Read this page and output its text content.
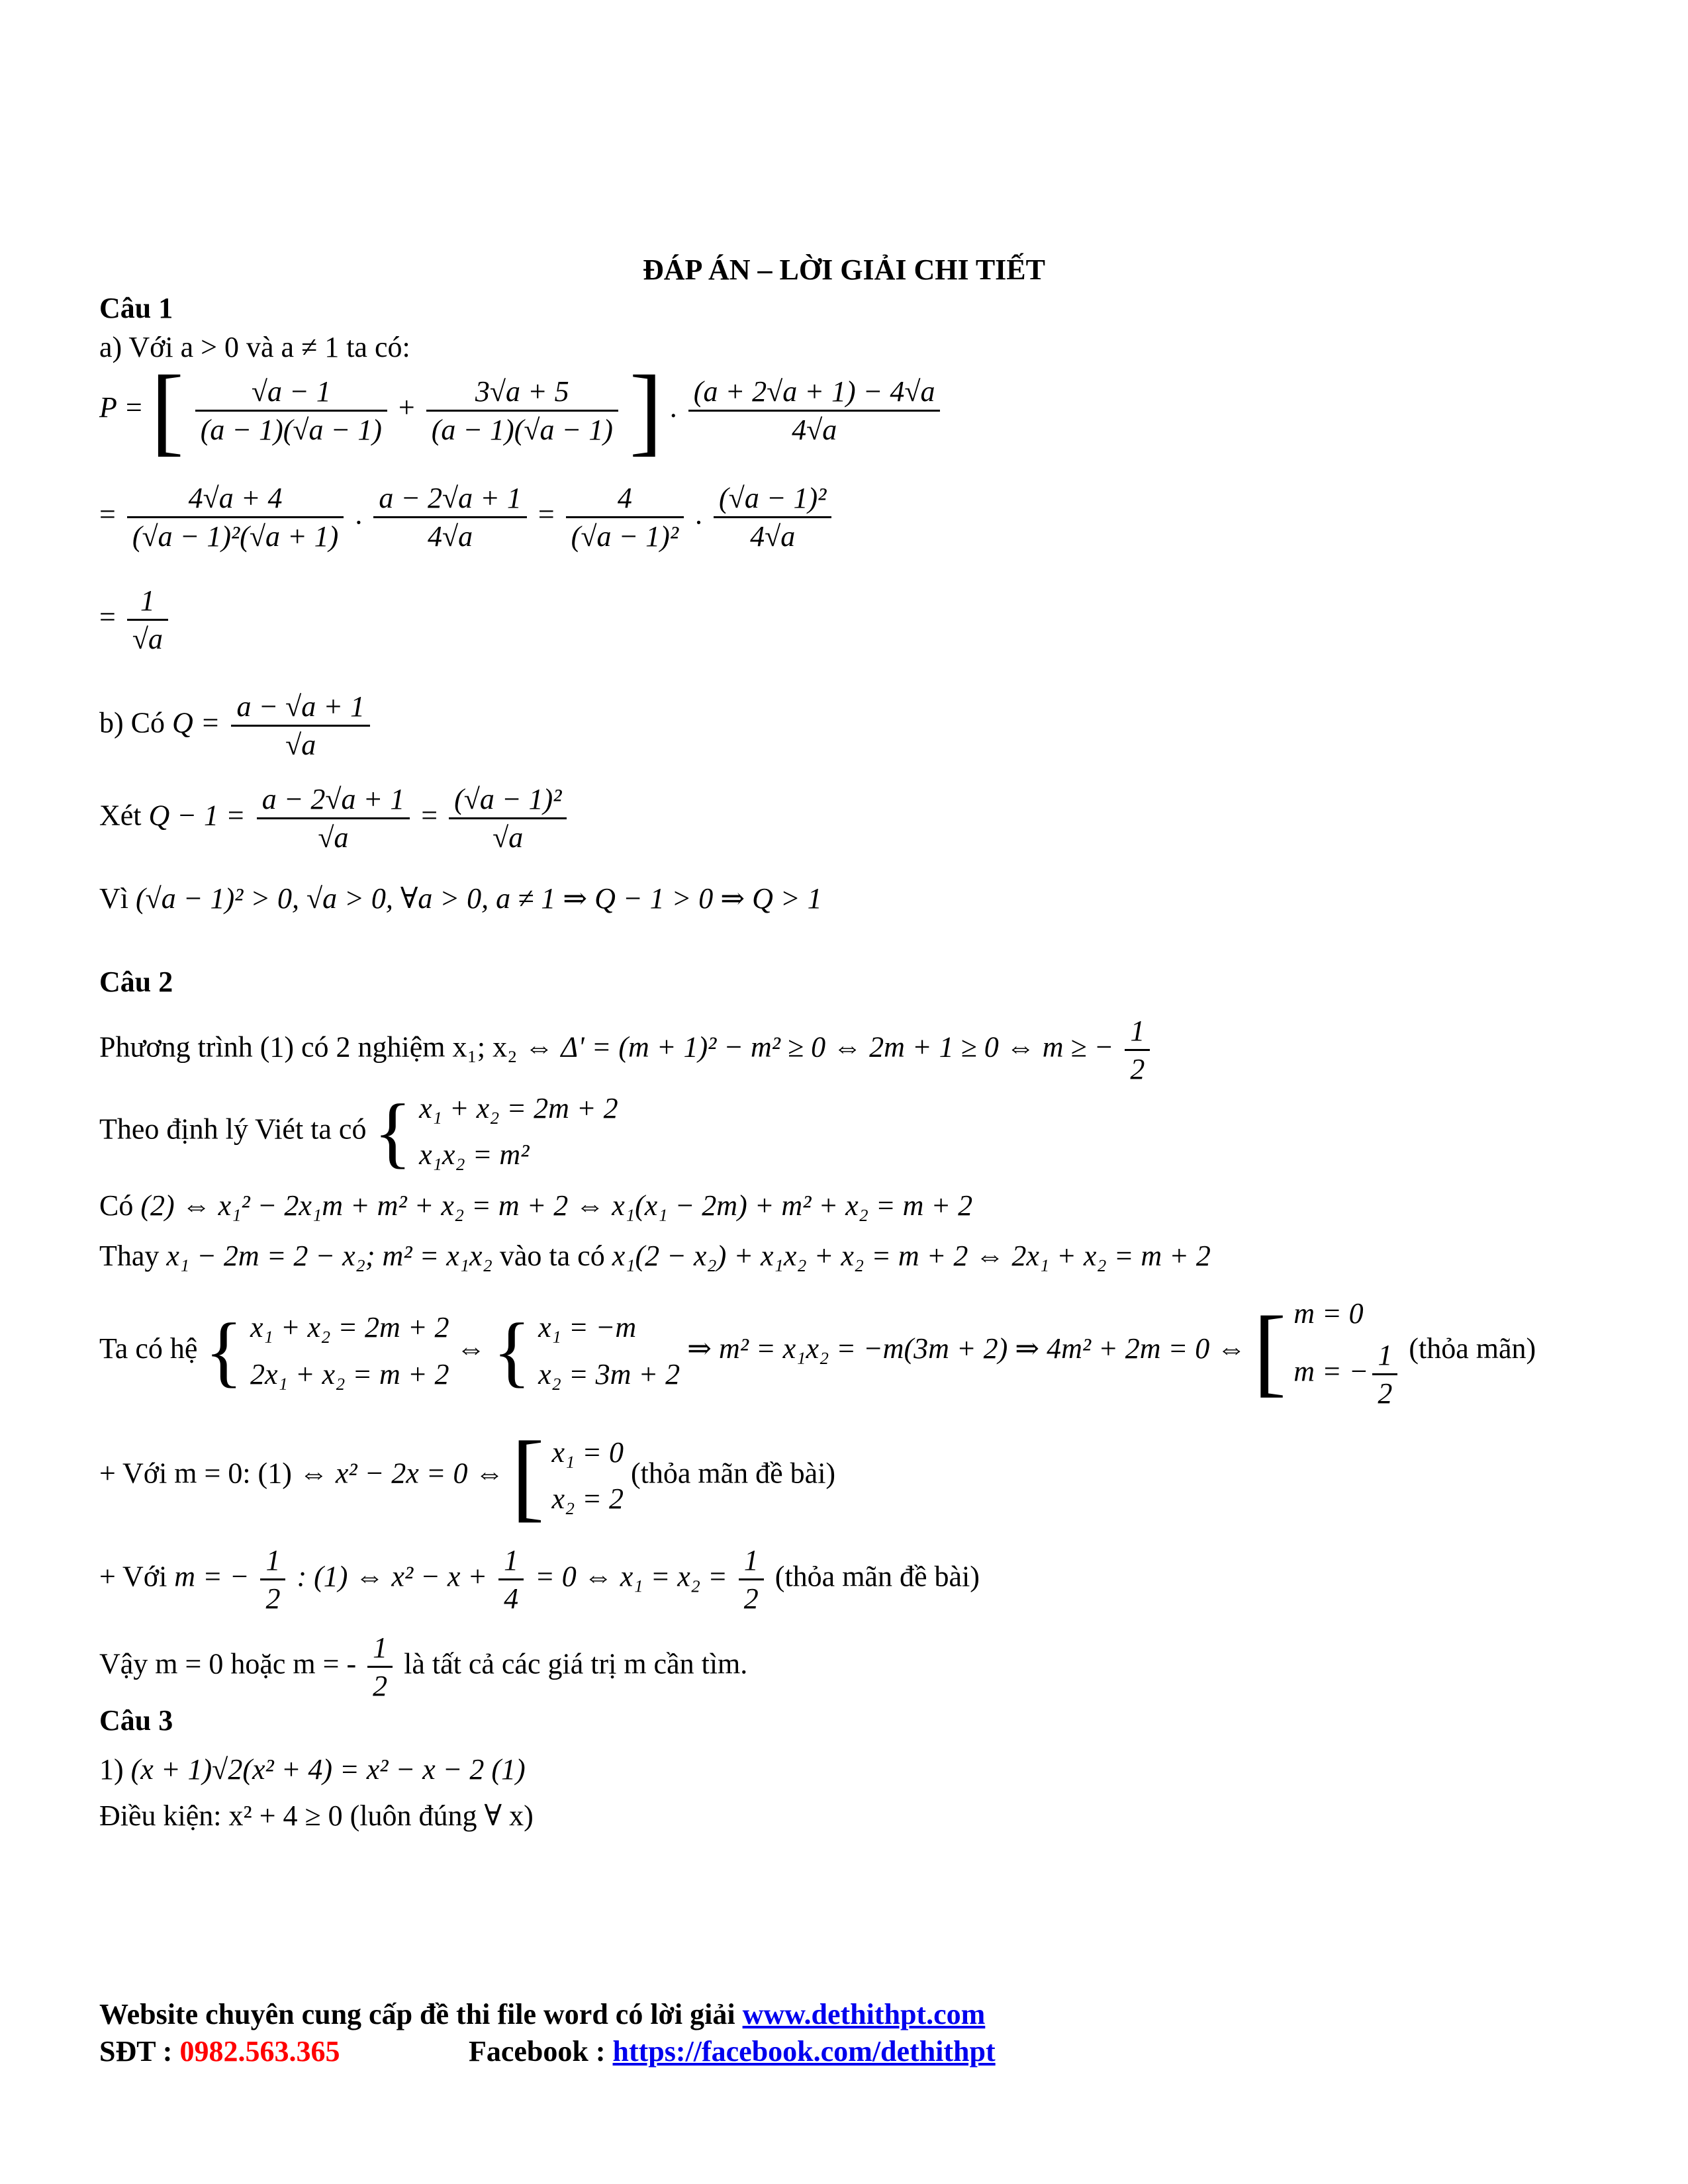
ĐÁP ÁN – LỜI GIẢI CHI TIẾT
Câu 1
a) Với a > 0 và a ≠ 1 ta có:
P = [ $\frac{√a - 1}{(a - 1)(√a - 1)} + \frac{3√a + 5}{(a - 1)(√a - 1)}$ ] . $\frac{(a + 2√a + 1) - 4√a}{4√a}$
= $\frac{4√a + 4}{\text{(√a − 1)²(√a + 1)}}$ . $\frac{a - 2√a + 1}{4√a} = \frac{4}{\text{(√a − 1)²}}$ . $\frac{\text{(√a − 1)²}}{4√a}$
= $\frac{1}{√a}$
b) Có $Q = \frac{a - √a + 1}{√a}$
Xét $Q - 1 = \frac{a - 2√a + 1}{√a} = \frac{\text{(√a − 1)²}}{√a}$
Vì (√a − 1)² > 0, √a > 0, ∀a > 0, a ≠ 1 ⇒ Q − 1 > 0 ⇒ Q > 1
Câu 2
Phương trình (1) có 2 nghiệm x₁; x₂ ⇔ Δ' = (m + 1)² − m² ≥ 0 ⇔ 2m + 1 ≥ 0 ⇔ m ≥ − $\frac{1}{2}$
Theo định lý Viét ta có { x₁ + x₂ = 2m + 2
x₁x₂ = m²
Có (2) ⇔ x₁² − 2x₁m + m² + x₂ = m + 2 ⇔ x₁(x₁ − 2m) + m² + x₂ = m + 2
Thay x₁ − 2m = 2 − x₂; m² = x₁x₂ vào ta có x₁(2 − x₂) + x₁x₂ + x₂ = m + 2 ⇔ 2x₁ + x₂ = m + 2
Ta có hệ { x₁ + x₂ = 2m + 2
2x₁ + x₂ = m + 2 ⇔ { x₁ = −m
x₂ = 3m + 2 ⇒ m² = x₁x₂ = −m(3m + 2) ⇒ 4m² + 2m = 0 ⇔ [ m = 0
m = − $\frac{1}{2}$ (thỏa mãn)
+ Với m = 0: (1) ⇔ x² − 2x = 0 ⇔ [ x₁ = 0
x₂ = 2 (thỏa mãn đề bài)
+ Với m = − $\frac{1}{2}$ : (1) ⇔ $x^2 - x + \frac{1}{4} = 0$ ⇔ $x_1 = x_2 = \frac{1}{2}$ (thỏa mãn đề bài)
Vậy m = 0 hoặc m = - $\frac{1}{2}$ là tất cả các giá trị m cần tìm.
Câu 3
1) (x + 1)√2(x² + 4) = x² − x − 2 (1)
Điều kiện: x² + 4 ≥ 0 (luôn đúng ∀ x)
Website chuyên cung cấp đề thi file word có lời giải www.dethithpt.com
SĐT : 0982.563.365	Facebook : https://facebook.com/dethithpt
